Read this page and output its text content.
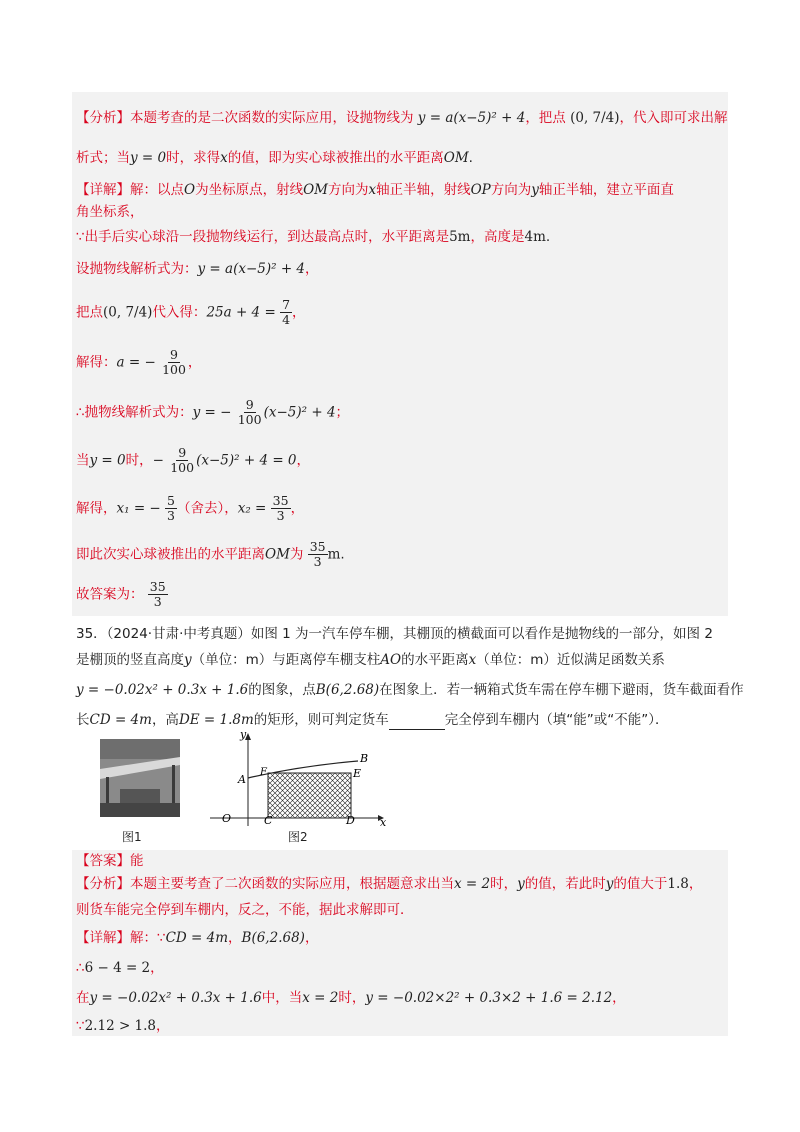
【分析】本题考查的是二次函数的实际应用，设抛物线为 y = a(x−5)² + 4，把点 (0, 7/4)，代入即可求出解
析式；当y = 0时，求得x的值，即为实心球被推出的水平距离OM.
【详解】解：以点O为坐标原点，射线OM方向为x轴正半轴，射线OP方向为y轴正半轴，建立平面直
角坐标系，
∵出手后实心球沿一段抛物线运行，到达最高点时，水平距离是5m，高度是4m.
设抛物线解析式为：y = a(x−5)² + 4，
把点(0, 7/4)代入得：$25a + 4 = \frac{7}{4}$ ，
解得：a = − $\frac{9}{100}$ ，
∴抛物线解析式为：y = − $\frac{9}{100} (x-5)^2 + 4$；
当y = 0时，− $\frac{9}{100} (x-5)^2 + 4 = 0$，
解得，x₁ = − $\frac{5}{3}$ （舍去），$x_2 = \frac{35}{3}$ ，
即此次实心球被推出的水平距离OM为 $\frac{35}{3} m$.
故答案为： $\frac{35}{3}$
35．（2024·甘肃·中考真题）如图 1 为一汽车停车棚，其棚顶的横截面可以看作是抛物线的一部分，如图 2
是棚顶的竖直高度y（单位：m）与距离停车棚支柱AO的水平距离x（单位：m）近似满足函数关系
y = −0.02x² + 0.3x + 1.6的图象，点B(6,2.68)在图象上．若一辆箱式货车需在停车棚下避雨，货车截面看作
长CD = 4m，高DE = 1.8m的矩形，则可判定货车	完全停到车棚内（填“能”或“不能”）．
图1
y
x
A
B
F	E
O	C	D
图2
【答案】能
【分析】本题主要考查了二次函数的实际应用，根据题意求出当x = 2时，y的值，若此时y的值大于1.8，
则货车能完全停到车棚内，反之，不能，据此求解即可．
【详解】解：∵CD = 4m，B(6,2.68)，
∴6 − 4 = 2，
在y = −0.02x² + 0.3x + 1.6中，当x = 2时，y = −0.02×2² + 0.3×2 + 1.6 = 2.12，
∵2.12 > 1.8，
